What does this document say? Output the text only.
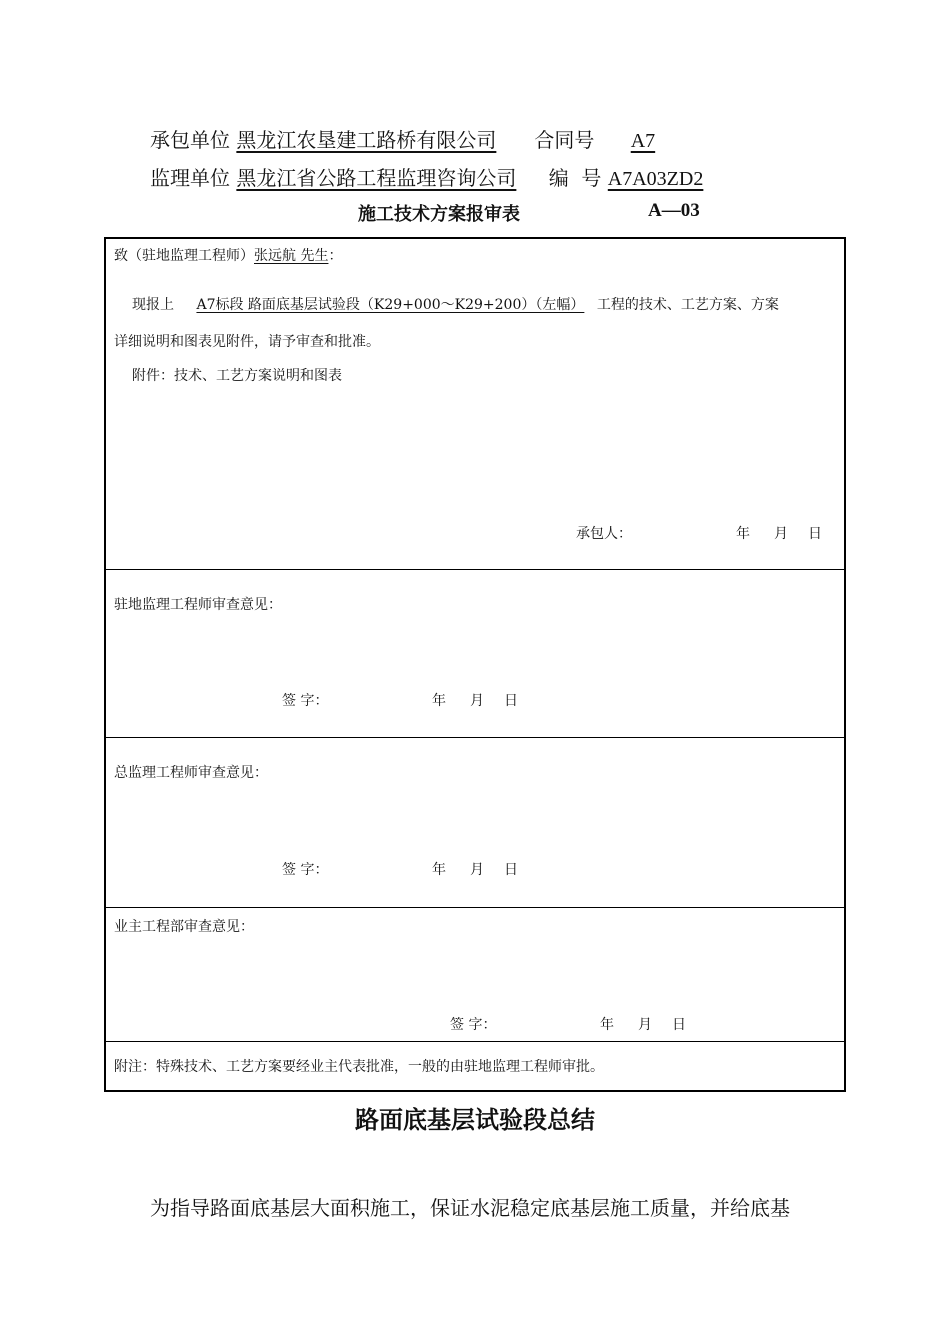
承包单位 黑龙江农垦建工路桥有限公司 合同号 A7
监理单位 黑龙江省公路工程监理咨询公司 编  号 A7A03ZD2
施工技术方案报审表	A—03
致（驻地监理工程师）张远航 先生：
现报上 A7标段 路面底基层试验段（K29+000～K29+200）（左幅） 工程的技术、工艺方案、方案
详细说明和图表见附件，请予审查和批准。
附件：技术、工艺方案说明和图表
承包人：	年 月 日
驻地监理工程师审查意见：
签 字：	年 月 日
总监理工程师审查意见：
签 字：	年 月 日
业主工程部审查意见：
签 字：	年 月 日
附注：特殊技术、工艺方案要经业主代表批准，一般的由驻地监理工程师审批。
路面底基层试验段总结
为指导路面底基层大面积施工，保证水泥稳定底基层施工质量，并给底基
